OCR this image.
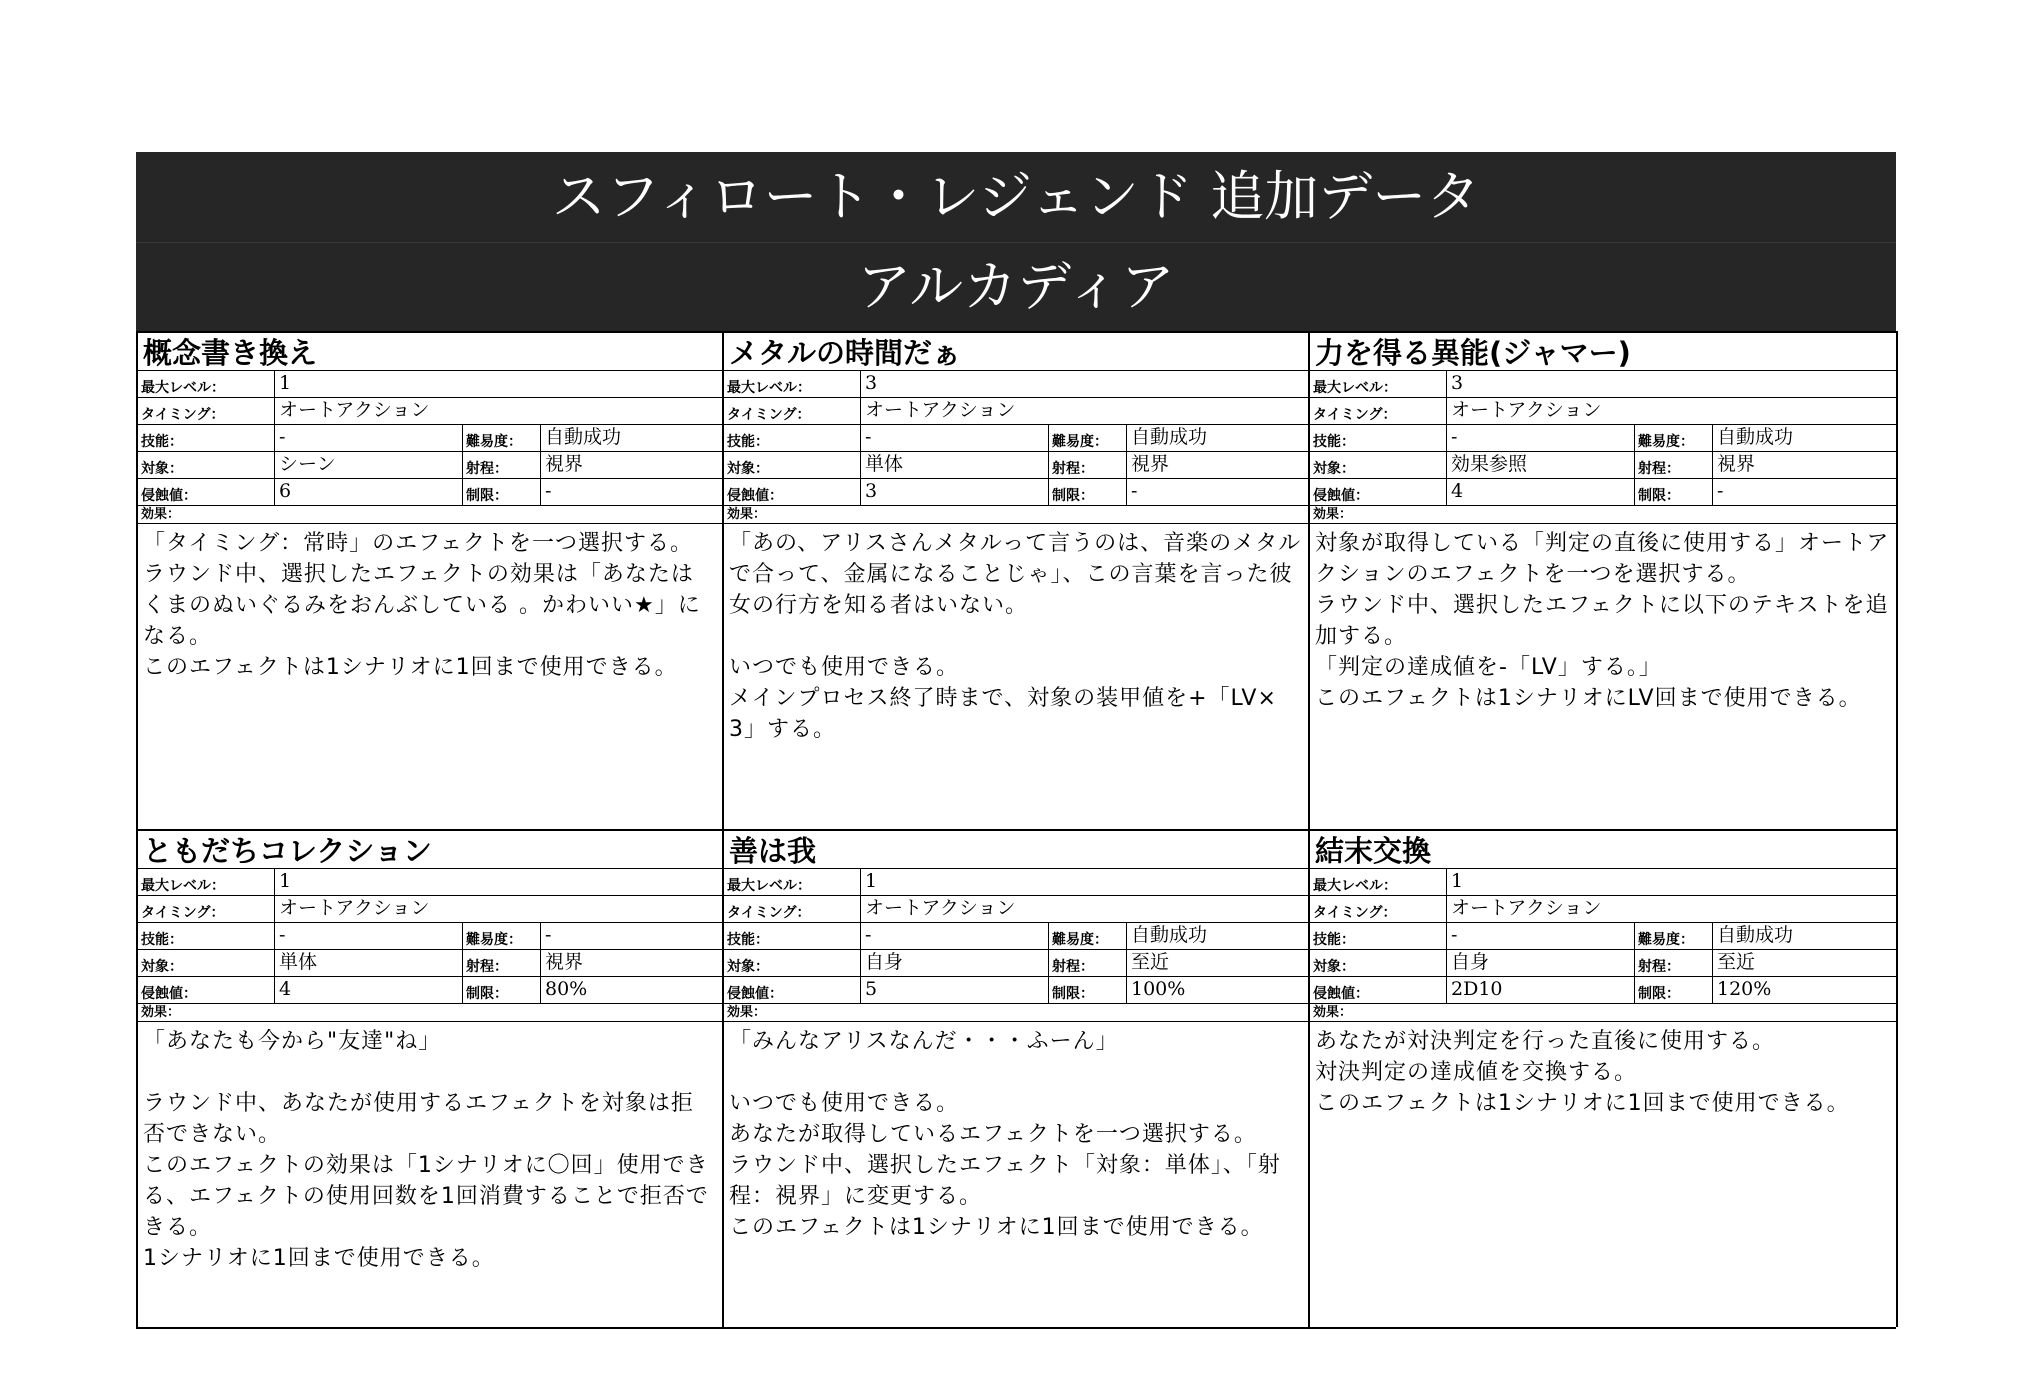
スフィロート・レジェンド 追加データ
アルカディア
概念書き換え
最大レベル：	1
タイミング：	オートアクション
技能：	-	難易度：	自動成功
対象：	シーン	射程：	視界
侵蝕値：	6	制限：	-
効果：
「タイミング：常時」のエフェクトを一つ選択する。
ラウンド中、選択したエフェクトの効果は「あなたはくまのぬいぐるみをおんぶしている 。かわいい★」になる。
このエフェクトは1シナリオに1回まで使用できる。
メタルの時間だぁ
最大レベル：	3
タイミング：	オートアクション
技能：	-	難易度：	自動成功
対象：	単体	射程：	視界
侵蝕値：	3	制限：	-
効果：
「あの、アリスさんメタルって言うのは、音楽のメタルで合って、金属になることじゃ」、この言葉を言った彼女の行方を知る者はいない。

いつでも使用できる。
メインプロセス終了時まで、対象の装甲値を+「LV×3」する。
力を得る異能(ジャマー)
最大レベル：	3
タイミング：	オートアクション
技能：	-	難易度：	自動成功
対象：	効果参照	射程：	視界
侵蝕値：	4	制限：	-
効果：
対象が取得している「判定の直後に使用する」オートアクションのエフェクトを一つを選択する。
ラウンド中、選択したエフェクトに以下のテキストを追加する。
「判定の達成値を-「LV」する。」
このエフェクトは1シナリオにLV回まで使用できる。
ともだちコレクション
最大レベル：	1
タイミング：	オートアクション
技能：	-	難易度：	-
対象：	単体	射程：	視界
侵蝕値：	4	制限：	80%
効果：
「あなたも今から"友達"ね」

ラウンド中、あなたが使用するエフェクトを対象は拒否できない。
このエフェクトの効果は「1シナリオに〇回」使用できる、エフェクトの使用回数を1回消費することで拒否できる。
1シナリオに1回まで使用できる。
善は我
最大レベル：	1
タイミング：	オートアクション
技能：	-	難易度：	自動成功
対象：	自身	射程：	至近
侵蝕値：	5	制限：	100%
効果：
「みんなアリスなんだ・・・ふーん」

いつでも使用できる。
あなたが取得しているエフェクトを一つ選択する。
ラウンド中、選択したエフェクト「対象：単体」、「射程：視界」に変更する。
このエフェクトは1シナリオに1回まで使用できる。
結末交換
最大レベル：	1
タイミング：	オートアクション
技能：	-	難易度：	自動成功
対象：	自身	射程：	至近
侵蝕値：	2D10	制限：	120%
効果：
あなたが対決判定を行った直後に使用する。
対決判定の達成値を交換する。
このエフェクトは1シナリオに1回まで使用できる。
